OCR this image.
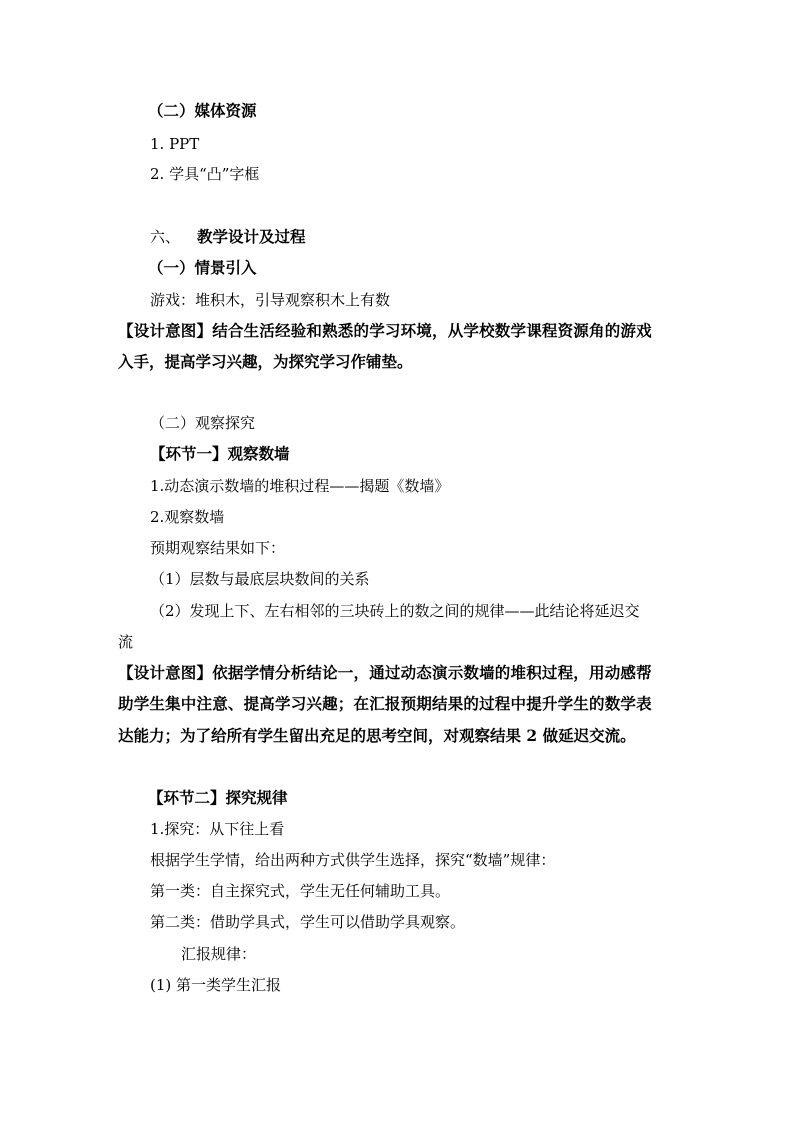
（二）媒体资源
1. PPT
2. 学具“凸”字框
六、 教学设计及过程
（一）情景引入
游戏：堆积木，引导观察积木上有数
【设计意图】结合生活经验和熟悉的学习环境，从学校数学课程资源角的游戏
入手，提高学习兴趣，为探究学习作铺垫。
（二）观察探究
【环节一】观察数墙
1.动态演示数墙的堆积过程——揭题《数墙》
2.观察数墙
预期观察结果如下：
（1）层数与最底层块数间的关系
（2）发现上下、左右相邻的三块砖上的数之间的规律——此结论将延迟交
流
【设计意图】依据学情分析结论一，通过动态演示数墙的堆积过程，用动感帮
助学生集中注意、提高学习兴趣；在汇报预期结果的过程中提升学生的数学表
达能力；为了给所有学生留出充足的思考空间，对观察结果 2 做延迟交流。
【环节二】探究规律
1.探究：从下往上看
根据学生学情，给出两种方式供学生选择，探究“数墙”规律：
第一类：自主探究式，学生无任何辅助工具。
第二类：借助学具式，学生可以借助学具观察。
汇报规律：
(1) 第一类学生汇报
